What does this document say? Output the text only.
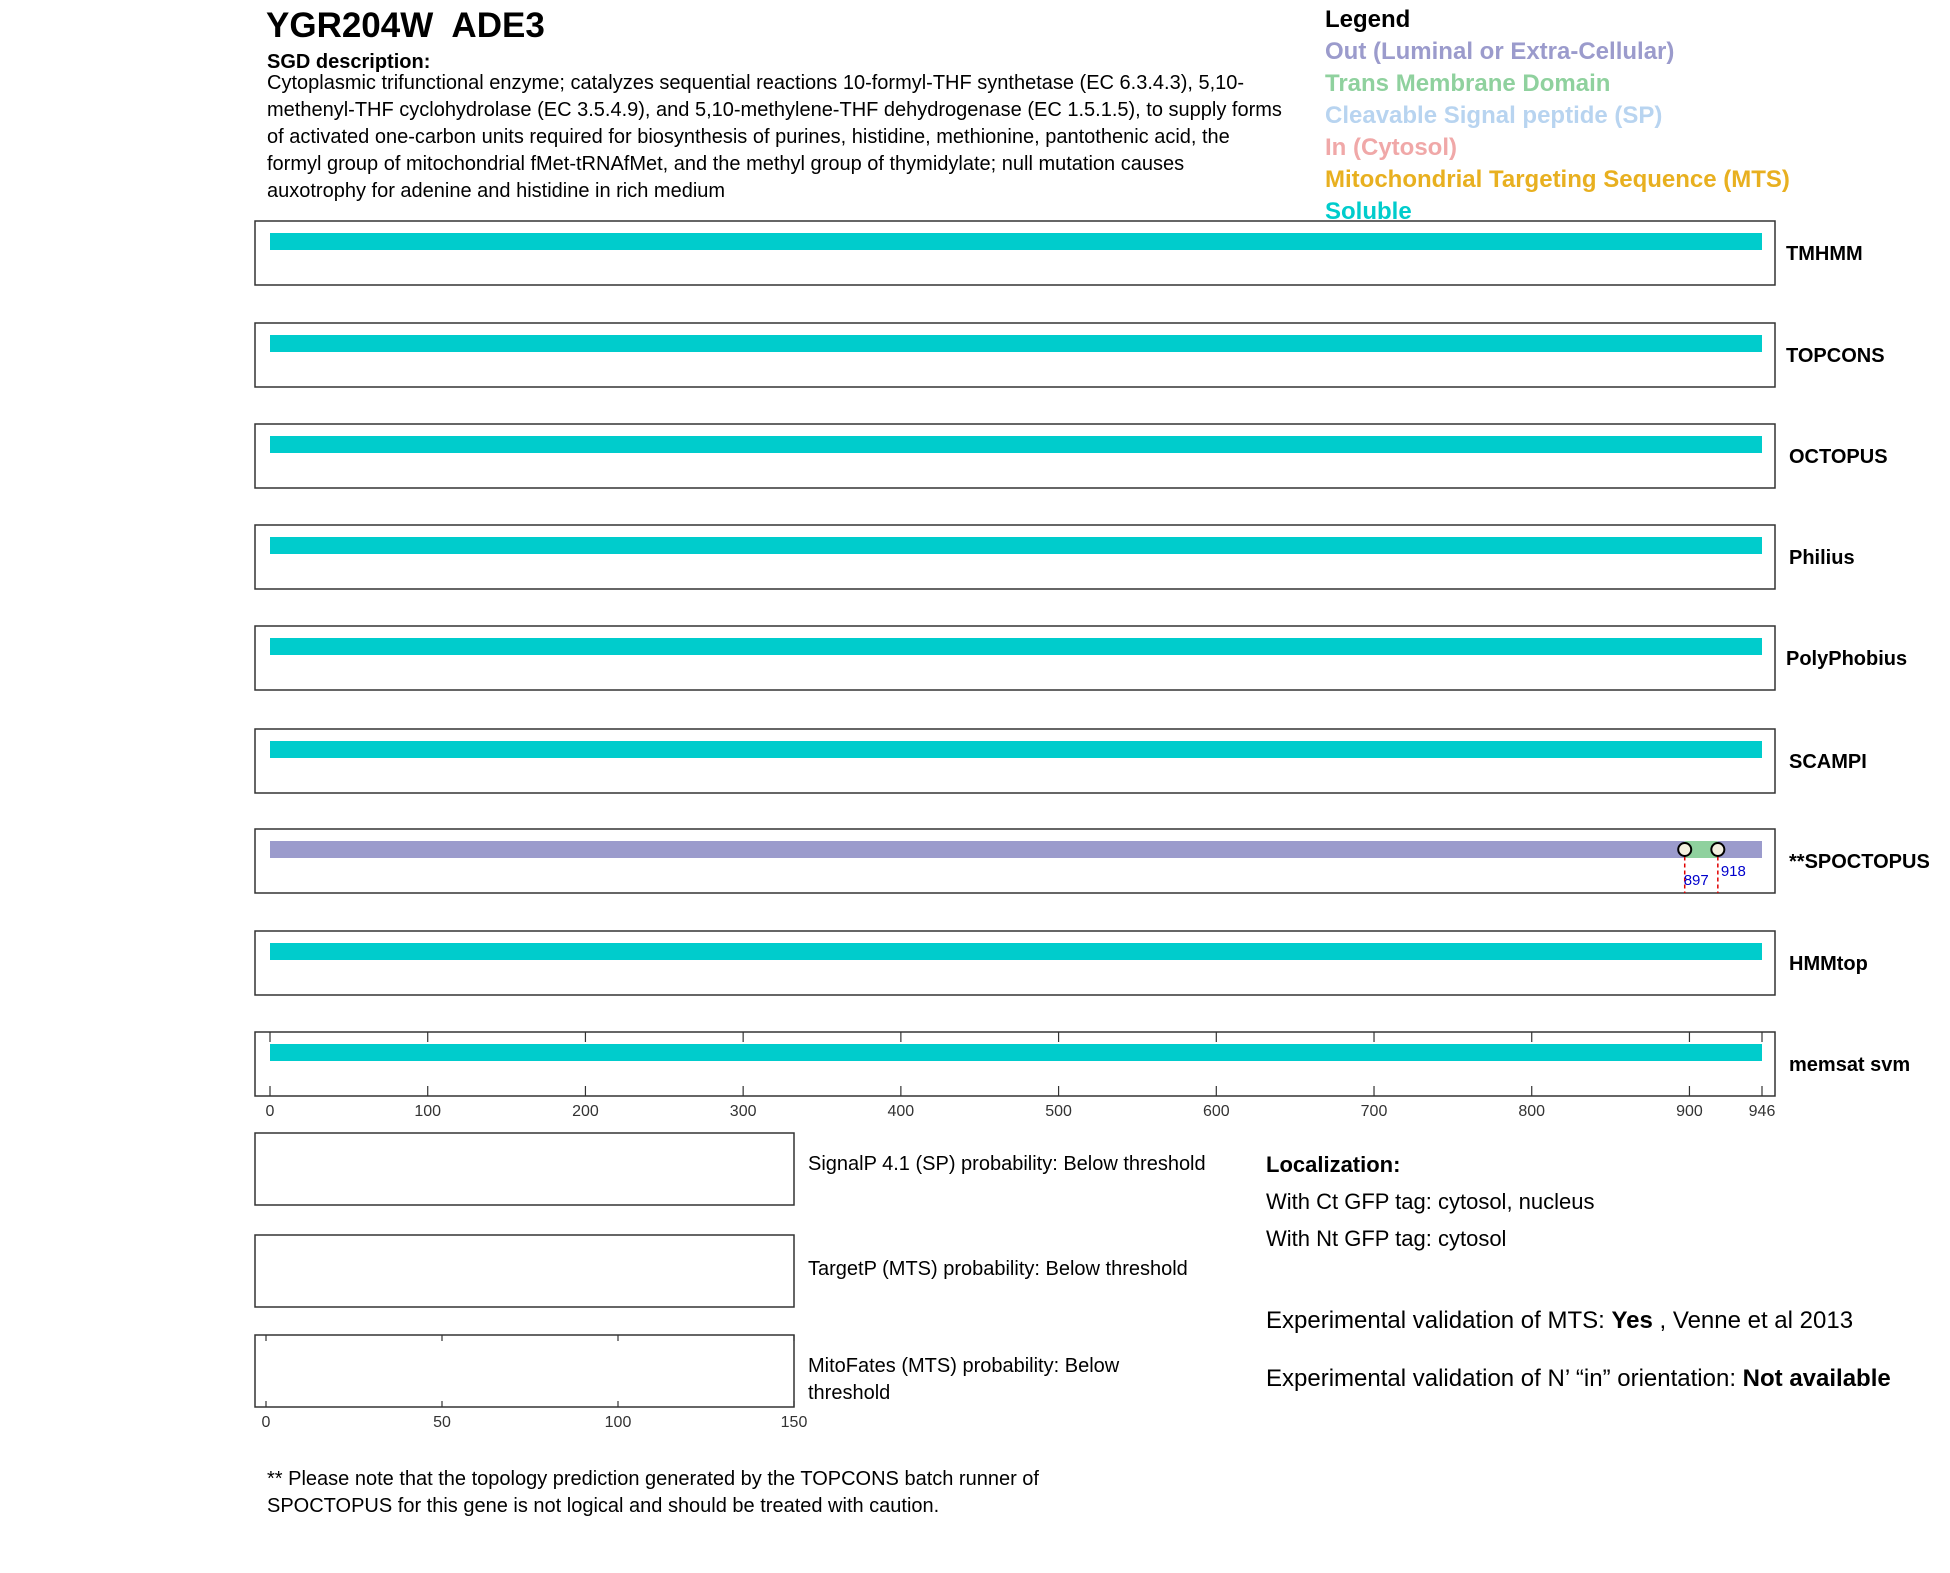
YGR204W  ADE3
SGD description:
Cytoplasmic trifunctional enzyme; catalyzes sequential reactions 10-formyl-THF synthetase (EC 6.3.4.3), 5,10-methenyl-THF cyclohydrolase (EC 3.5.4.9), and 5,10-methylene-THF dehydrogenase (EC 1.5.1.5), to supply forms of activated one-carbon units required for biosynthesis of purines, histidine, methionine, pantothenic acid, the formyl group of mitochondrial fMet-tRNAfMet, and the methyl group of thymidylate; null mutation causes auxotrophy for adenine and histidine in rich medium
Legend
Out (Luminal or Extra-Cellular)
Trans Membrane Domain
Cleavable Signal peptide (SP)
In (Cytosol)
Mitochondrial Targeting Sequence (MTS)
Soluble
TMHMM
TOPCONS
OCTOPUS
Philius
PolyPhobius
SCAMPI
897
918 **SPOCTOPUS
HMMtop
memsat svm
0	100	200	300	400	500	600	700	800	900	946
0	50	100	150
SignalP 4.1 (SP) probability: Below threshold
TargetP (MTS) probability: Below threshold
MitoFates (MTS) probability: Below threshold
Localization:
With Ct GFP tag: cytosol, nucleus
With Nt GFP tag: cytosol
Experimental validation of MTS: Yes , Venne et al 2013
Experimental validation of N’ “in” orientation: Not available
** Please note that the topology prediction generated by the TOPCONS batch runner of SPOCTOPUS for this gene is not logical and should be treated with caution.
